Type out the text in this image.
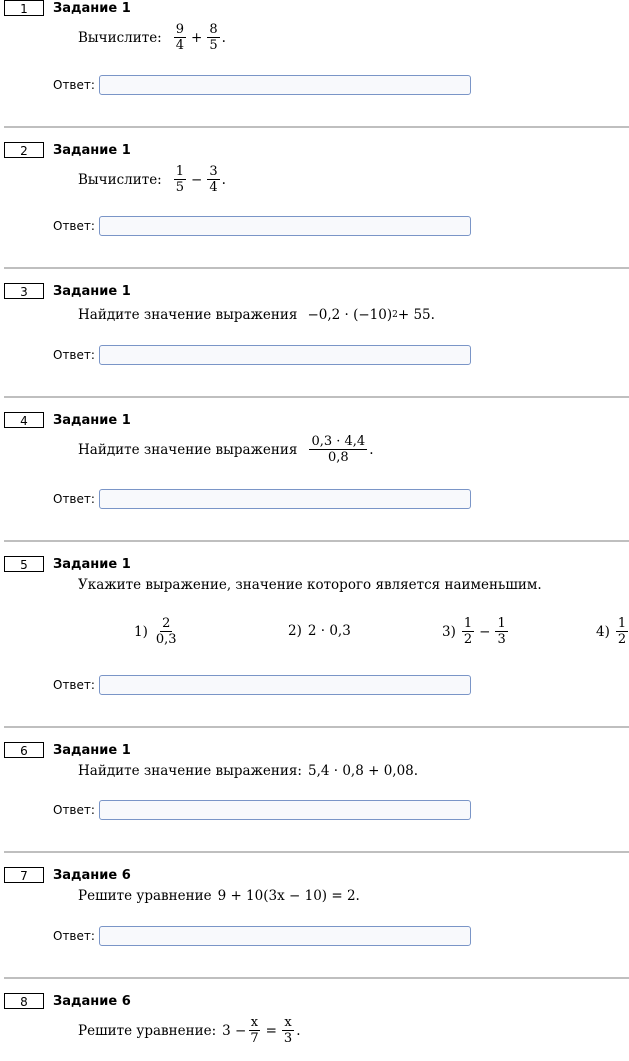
1	Задание 1
Вычислите: $\frac{9}{4} + \frac{8}{5}$ .
Ответ:
2	Задание 1
Вычислите: $\frac{1}{5} - \frac{3}{4}$ .
Ответ:
3	Задание 1
Найдите значение выражения −0,2 · (−10) 2 + 55.
Ответ:
4	Задание 1
Найдите значение выражения $\frac{0,3 \cdot 4,4}{0,8}$ .
Ответ:
5	Задание 1
Укажите выражение, значение которого является наименьшим.
$1) \frac{2}{0,3}$	2) 2 · 0,3	$3) \frac{1}{2} - \frac{1}{3}$	$4) \frac{1}{2}$
Ответ:
6	Задание 1
Найдите значение выражения: 5,4 · 0,8 + 0,08.
Ответ:
7	Задание 6
Решите уравнение 9 + 10(3x − 10) = 2.
Ответ:
8	Задание 6
Решите уравнение: $3 - \frac{x}{7} = \frac{x}{3}$ .
